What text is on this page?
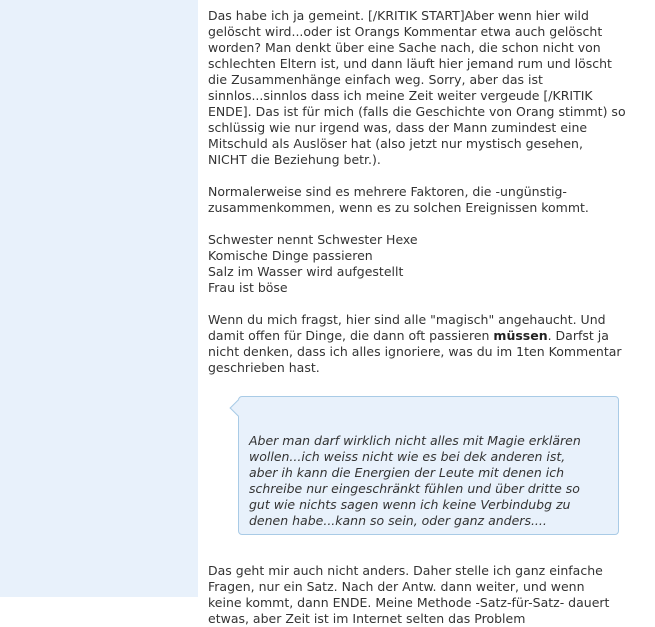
Das habe ich ja gemeint. [/KRITIK START]Aber wenn hier wild
gelöscht wird...oder ist Orangs Kommentar etwa auch gelöscht
worden? Man denkt über eine Sache nach, die schon nicht von
schlechten Eltern ist, und dann läuft hier jemand rum und löscht
die Zusammenhänge einfach weg. Sorry, aber das ist
sinnlos...sinnlos dass ich meine Zeit weiter vergeude [/KRITIK
ENDE]. Das ist für mich (falls die Geschichte von Orang stimmt) so
schlüssig wie nur irgend was, dass der Mann zumindest eine
Mitschuld als Auslöser hat (also jetzt nur mystisch gesehen,
NICHT die Beziehung betr.).

Normalerweise sind es mehrere Faktoren, die -ungünstig-
zusammenkommen, wenn es zu solchen Ereignissen kommt.

Schwester nennt Schwester Hexe
Komische Dinge passieren
Salz im Wasser wird aufgestellt
Frau ist böse

Wenn du mich fragst, hier sind alle "magisch" angehaucht. Und
damit offen für Dinge, die dann oft passieren müssen. Darfst ja
nicht denken, dass ich alles ignoriere, was du im 1ten Kommentar
geschrieben hast.

Aber man darf wirklich nicht alles mit Magie erklären
wollen...ich weiss nicht wie es bei dek anderen ist,
aber ih kann die Energien der Leute mit denen ich
schreibe nur eingeschränkt fühlen und über dritte so
gut wie nichts sagen wenn ich keine Verbindubg zu
denen habe...kann so sein, oder ganz anders....

Das geht mir auch nicht anders. Daher stelle ich ganz einfache
Fragen, nur ein Satz. Nach der Antw. dann weiter, und wenn
keine kommt, dann ENDE. Meine Methode -Satz-für-Satz- dauert
etwas, aber Zeit ist im Internet selten das Problem
